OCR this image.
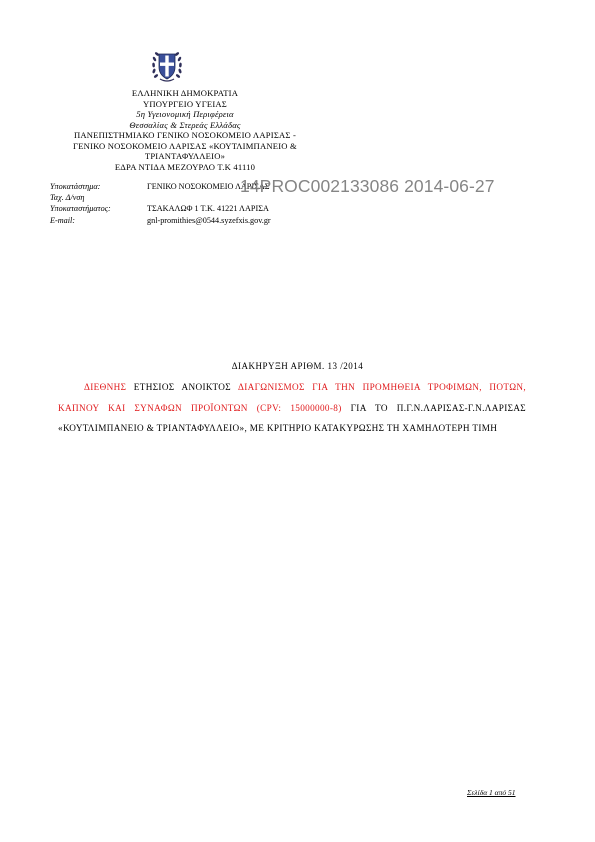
ΕΛΛΗΝΙΚΗ ΔΗΜΟΚΡΑΤΙΑ
ΥΠΟΥΡΓΕΙΟ ΥΓΕΙΑΣ
5η Υγειονομική Περιφέρεια
Θεσσαλίας & Στερεάς Ελλάδας
ΠΑΝΕΠΙΣΤΗΜΙΑΚΟ ΓΕΝΙΚΟ ΝΟΣΟΚΟΜΕΙΟ ΛΑΡΙΣΑΣ -
ΓΕΝΙΚΟ ΝΟΣΟΚΟΜΕΙΟ ΛΑΡΙΣΑΣ «ΚΟΥΤΛΙΜΠΑΝΕΙΟ &
ΤΡΙΑΝΤΑΦΥΛΛΕΙΟ»
ΕΔΡΑ ΝΤΙΔΑ ΜΕΖΟΥΡΛΟ Τ.Κ 41110
Υποκατάστημα:	ΓΕΝΙΚΟ ΝΟΣΟΚΟΜΕΙΟ ΛΑΡΙΣΑΣ
Ταχ. Δ/νση
Υποκαταστήματος:	ΤΣΑΚΑΛΩΦ 1 Τ.Κ. 41221 ΛΑΡΙΣΑ
E-mail:	gnl-promithies@0544.syzefxis.gov.gr
14PROC002133086 2014-06-27
ΔΙΑΚΗΡΥΞΗ ΑΡΙΘΜ. 13 /2014
ΔΙΕΘΝΗΣ ΕΤΗΣΙΟΣ ΑΝΟΙΚΤΟΣ ΔΙΑΓΩΝΙΣΜΟΣ ΓΙΑ ΤΗΝ ΠΡΟΜΗΘΕΙΑ ΤΡΟΦΙΜΩΝ, ΠΟΤΩΝ, ΚΑΠΝΟΥ ΚΑΙ ΣΥΝΑΦΩΝ ΠΡΟΪΟΝΤΩΝ (CPV: 15000000-8) ΓΙΑ ΤΟ Π.Γ.Ν.ΛΑΡΙΣΑΣ-Γ.Ν.ΛΑΡΙΣΑΣ «ΚΟΥΤΛΙΜΠΑΝΕΙΟ & ΤΡΙΑΝΤΑΦΥΛΛΕΙΟ», ΜΕ ΚΡΙΤΗΡΙΟ ΚΑΤΑΚΥΡΩΣΗΣ ΤΗ ΧΑΜΗΛΟΤΕΡΗ ΤΙΜΗ
Σελίδα 1 από 51
